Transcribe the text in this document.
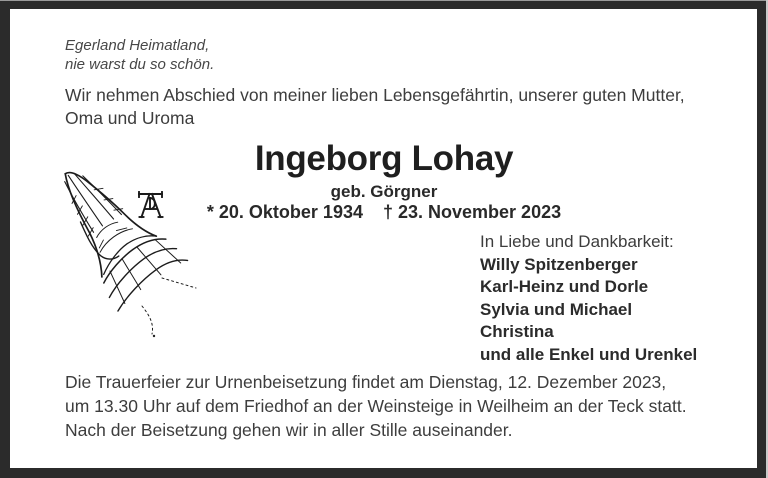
Egerland Heimatland,
nie warst du so schön.
Wir nehmen Abschied von meiner lieben Lebensgefährtin, unserer guten Mutter,
Oma und Uroma
Ingeborg Lohay
geb. Görgner
* 20. Oktober 1934 † 23. November 2023
In Liebe und Dankbarkeit:
Willy Spitzenberger
Karl-Heinz und Dorle
Sylvia und Michael
Christina
und alle Enkel und Urenkel
Die Trauerfeier zur Urnenbeisetzung findet am Dienstag, 12. Dezember 2023,
um 13.30 Uhr auf dem Friedhof an der Weinsteige in Weilheim an der Teck statt.
Nach der Beisetzung gehen wir in aller Stille auseinander.
